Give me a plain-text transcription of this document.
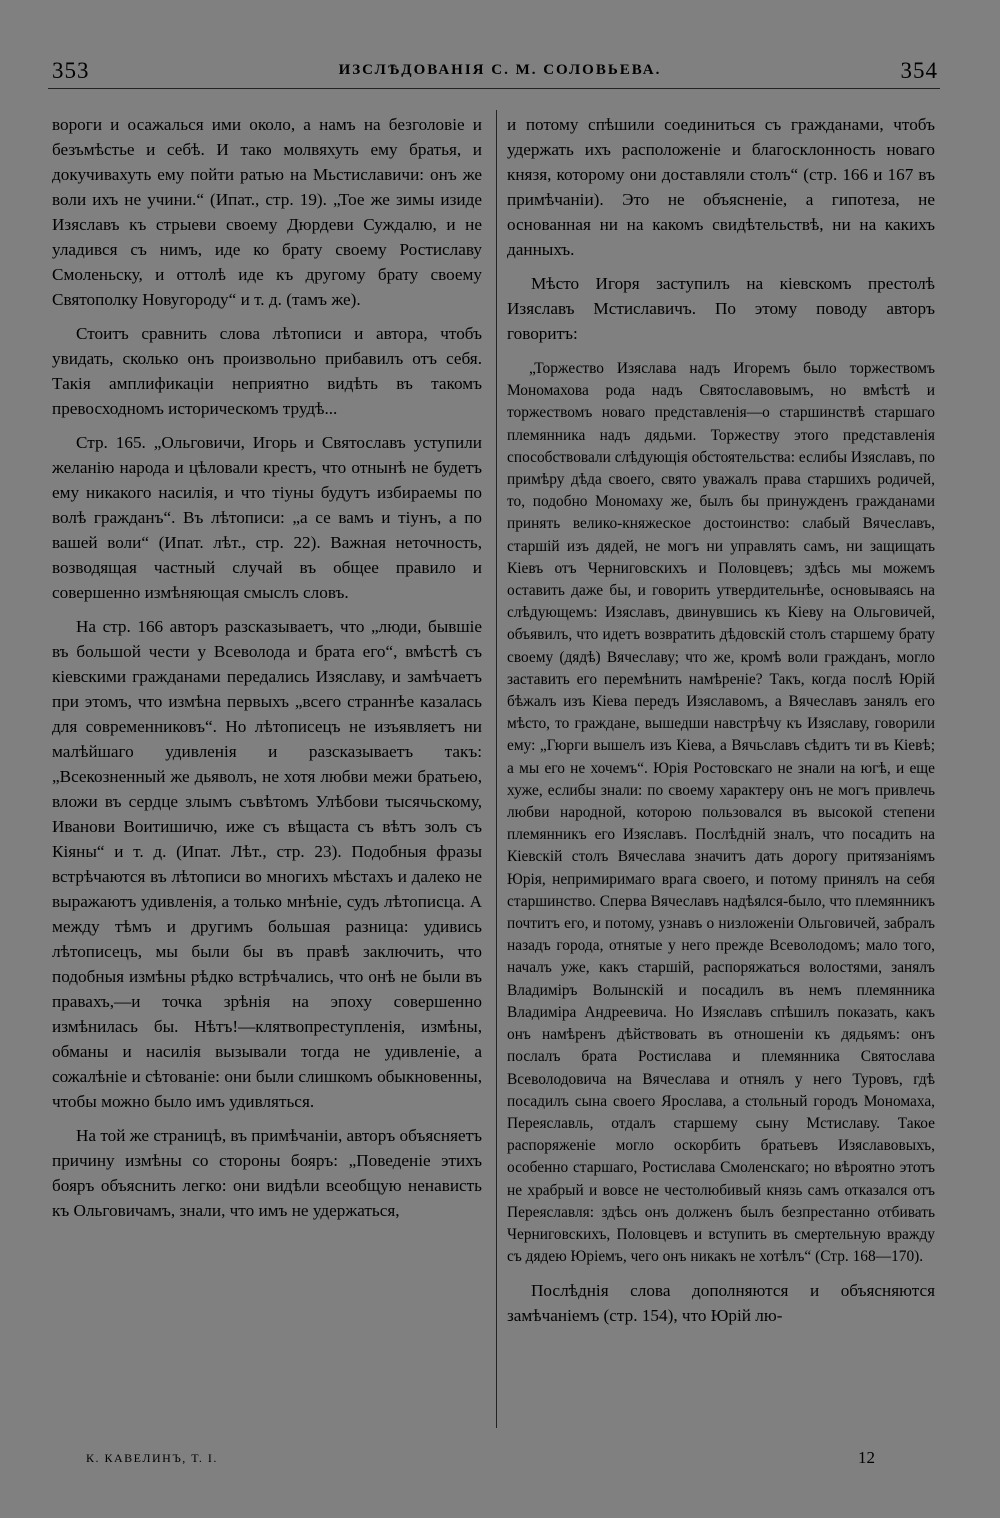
353	ИЗСЛѢДОВАНІЯ С. М. СОЛОВЬЕВА.	354

вороги и осажалься ими около, а намъ на безголовіе и безъмѣстье и себѣ. И тако молвяхуть ему братья, и докучивахуть ему пойти ратью на Мьстиславичи: онъ же воли ихъ не учини.“ (Ипат., стр. 19). „Тое же зимы изиде Изяславъ къ стрыеви своему Дюрдеви Суждалю, и не уладився съ нимъ, иде ко брату своему Ростиславу Смоленьску, и оттолѣ иде къ другому брату своему Святополку Новугороду“ и т. д. (тамъ же).

Стоитъ сравнить слова лѣтописи и автора, чтобъ увидать, сколько онъ произвольно прибавилъ отъ себя. Такія амплификаціи неприятно видѣть въ такомъ превосходномъ историческомъ трудѣ...

Стр. 165. „Ольговичи, Игорь и Святославъ уступили желанію народа и цѣловали крестъ, что отнынѣ не будетъ ему никакого насилія, и что тіуны будутъ избираемы по волѣ гражданъ“. Въ лѣтописи: „а се вамъ и тіунъ, а по вашей воли“ (Ипат. лѣт., стр. 22). Важная неточность, возводящая частный случай въ общее правило и совершенно измѣняющая смыслъ словъ.

На стр. 166 авторъ разсказываетъ, что „люди, бывшіе въ большой чести у Всеволода и брата его“, вмѣстѣ съ кіевскими гражданами передались Изяславу, и замѣчаетъ при этомъ, что измѣна первыхъ „всего страннѣе казалась для современниковъ“. Но лѣтописецъ не изъявляетъ ни малѣйшаго удивленія и разсказываетъ такъ: „Всекозненный же дьяволъ, не хотя любви межи братьею, вложи въ сердце злымъ съвѣтомъ Улѣбови тысячьскому, Иванови Воитишичю, иже съ вѣщаста съ вѣтъ золъ съ Кіяны“ и т. д. (Ипат. Лѣт., стр. 23). Подобныя фразы встрѣчаются въ лѣтописи во многихъ мѣстахъ и далеко не выражаютъ удивленія, а только мнѣніе, судъ лѣтописца. А между тѣмъ и другимъ большая разница: удивись лѣтописецъ, мы были бы въ правѣ заключить, что подобныя измѣны рѣдко встрѣчались, что онѣ не были въ правахъ,—и точка зрѣнія на эпоху совершенно измѣнилась бы. Нѣтъ!—клятвопреступленія, измѣны, обманы и насилія вызывали тогда не удивленіе, а сожалѣніе и сѣтованіе: они были слишкомъ обыкновенны, чтобы можно было имъ удивляться.

На той же страницѣ, въ примѣчаніи, авторъ объясняетъ причину измѣны со стороны бояръ: „Поведеніе этихъ бояръ объяснить легко: они видѣли всеобщую ненависть къ Ольговичамъ, знали, что имъ не удержаться,

и потому спѣшили соединиться съ гражданами, чтобъ удержать ихъ расположеніе и благосклонность новаго князя, которому они доставляли столъ“ (стр. 166 и 167 въ примѣчаніи). Это не объясненіе, а гипотеза, не основанная ни на какомъ свидѣтельствѣ, ни на какихъ данныхъ.

Мѣсто Игоря заступилъ на кіевскомъ престолѣ Изяславъ Мстиславичъ. По этому поводу авторъ говоритъ:

„Торжество Изяслава надъ Игоремъ было торжествомъ Мономахова рода надъ Святославовымъ, но вмѣстѣ и торжествомъ новаго представленія—о старшинствѣ старшаго племянника надъ дядьми. Торжеству этого представленія способствовали слѣдующія обстоятельства: еслибы Изяславъ, по примѣру дѣда своего, свято уважалъ права старшихъ родичей, то, подобно Мономаху же, былъ бы принужденъ гражданами принять велико-княжеское достоинство: слабый Вячеславъ, старшій изъ дядей, не могъ ни управлять самъ, ни защищать Кіевъ отъ Черниговскихъ и Половцевъ; здѣсь мы можемъ оставить даже бы, и говорить утвердительнѣе, основываясь на слѣдующемъ: Изяславъ, двинувшись къ Кіеву на Ольговичей, объявилъ, что идетъ возвратить дѣдовскій столъ старшему брату своему (дядѣ) Вячеславу; что же, кромѣ воли гражданъ, могло заставить его перемѣнить намѣреніе? Такъ, когда послѣ Юрій бѣжалъ изъ Кіева передъ Изяславомъ, а Вячеславъ занялъ его мѣсто, то граждане, вышедши навстрѣчу къ Изяславу, говорили ему: „Гюрги вышелъ изъ Кіева, а Вячьславъ сѣдитъ ти въ Кіевѣ; а мы его не хочемъ“. Юрія Ростовскаго не знали на югѣ, и еще хуже, еслибы знали: по своему характеру онъ не могъ привлечь любви народной, которою пользовался въ высокой степени племянникъ его Изяславъ. Послѣдній зналъ, что посадить на Кіевскій столъ Вячеслава значитъ дать дорогу притязаніямъ Юрія, непримиримаго врага своего, и потому принялъ на себя старшинство. Сперва Вячеславъ надѣялся-было, что племянникъ почтитъ его, и потому, узнавъ о низложеніи Ольговичей, забралъ назадъ города, отнятые у него прежде Всеволодомъ; мало того, началъ уже, какъ старшій, распоряжаться волостями, занялъ Владиміръ Волынскій и посадилъ въ немъ племянника Владиміра Андреевича. Но Изяславъ спѣшилъ показать, какъ онъ намѣренъ дѣйствовать въ отношеніи къ дядьямъ: онъ послалъ брата Ростислава и племянника Святослава Всеволодовича на Вячеслава и отнялъ у него Туровъ, гдѣ посадилъ сына своего Ярослава, а стольный городъ Мономаха, Переяславль, отдалъ старшему сыну Мстиславу. Такое распоряженіе могло оскорбить братьевъ Изяславовыхъ, особенно старшаго, Ростислава Смоленскаго; но вѣроятно этотъ не храбрый и вовсе не честолюбивый князь самъ отказался отъ Переяславля: здѣсь онъ долженъ былъ безпрестанно отбивать Черниговскихъ, Половцевъ и вступить въ смертельную вражду съ дядею Юріемъ, чего онъ никакъ не хотѣлъ“ (Стр. 168—170).

Послѣднія слова дополняются и объясняются замѣчаніемъ (стр. 154), что Юрій лю-

К. КАВЕЛИНЪ, Т. I.	12
